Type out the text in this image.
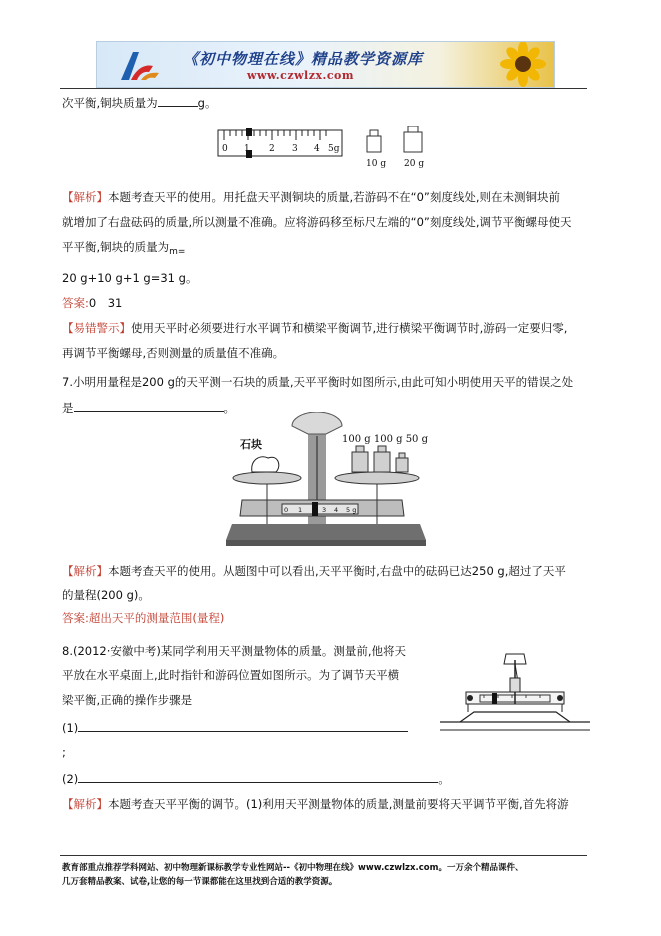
《初中物理在线》精品教学资源库
www.czwlzx.com
次平衡,铜块质量为	g。
0 1 2 3 4 5g
10 g 20 g
【解析】本题考查天平的使用。用托盘天平测铜块的质量,若游码不在“0”刻度线处,则在未测铜块前
就增加了右盘砝码的质量,所以测量不准确。应将游码移至标尺左端的“0”刻度线处,调节平衡螺母使天
平平衡,铜块的质量为$_{m=}$
20 g+10 g+1 g=31 g。
答案:0　31
【易错警示】使用天平时必须要进行水平调节和横梁平衡调节,进行横梁平衡调节时,游码一定要归零,
再调节平衡螺母,否则测量的质量值不准确。
7.小明用量程是200 g的天平测一石块的质量,天平平衡时如图所示,由此可知小明使用天平的错误之处
是	。
0 1	3 4 5 g
石块	100 g 100 g 50 g
【解析】本题考查天平的使用。从题图中可以看出,天平平衡时,右盘中的砝码已达250 g,超过了天平
的量程(200 g)。
答案:超出天平的测量范围(量程)
8.(2012·安徽中考)某同学利用天平测量物体的质量。测量前,他将天
平放在水平桌面上,此时指针和游码位置如图所示。为了调节天平横
梁平衡,正确的操作步骤是
(1)
;
(2)	。
【解析】本题考查天平平衡的调节。(1)利用天平测量物体的质量,测量前要将天平调节平衡,首先将游
教育部重点推荐学科网站、初中物理新课标教学专业性网站--《初中物理在线》www.czwlzx.com。一万余个精品课件、
几万套精品教案、试卷,让您的每一节课都能在这里找到合适的教学资源。
